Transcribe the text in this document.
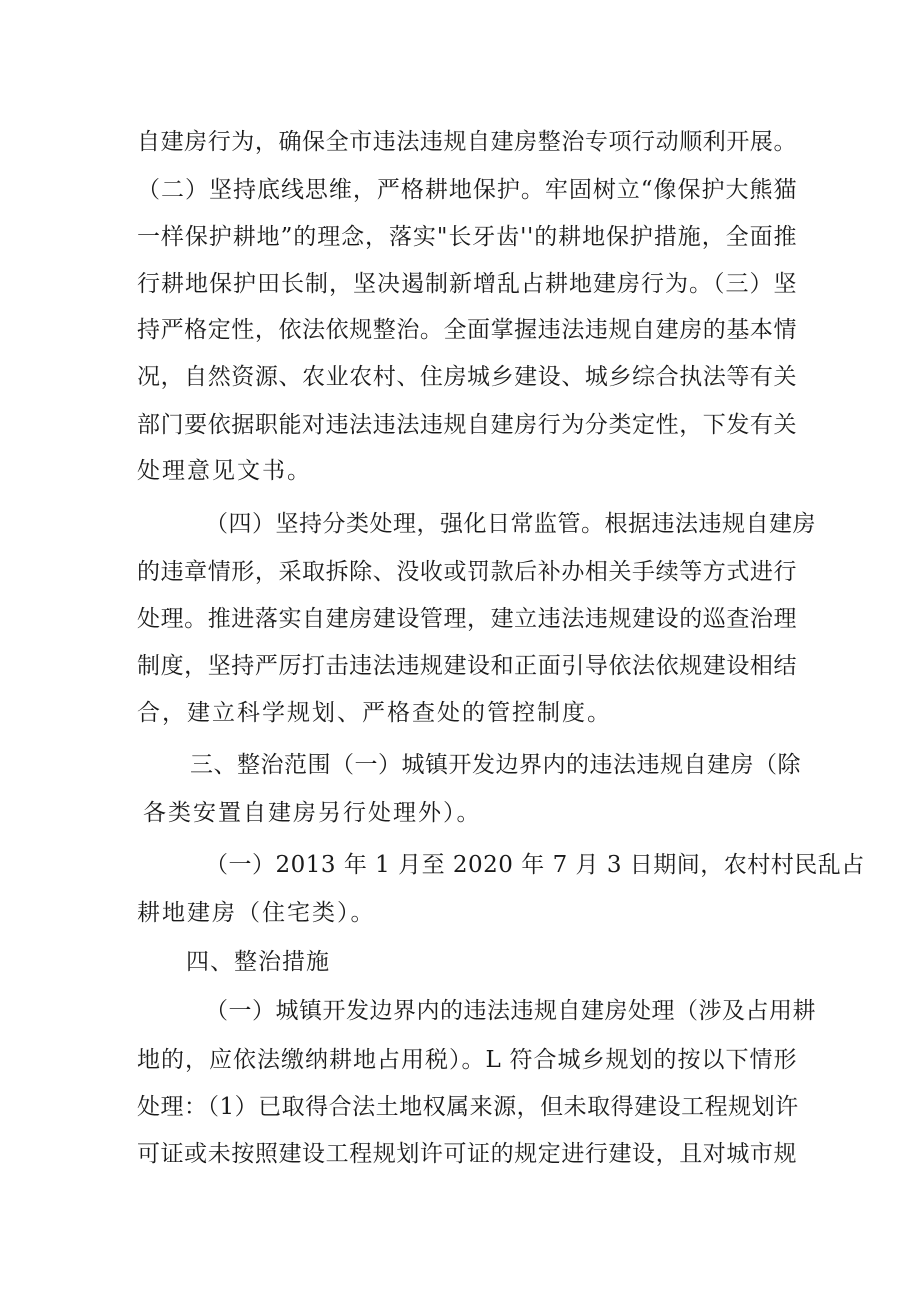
自建房行为，确保全市违法违规自建房整治专项行动顺利开展。
（二）坚持底线思维，严格耕地保护。牢固树立“像保护大熊猫
一样保护耕地”的理念，落实"长牙齿''的耕地保护措施，全面推
行耕地保护田长制，坚决遏制新增乱占耕地建房行为。（三）坚
持严格定性，依法依规整治。全面掌握违法违规自建房的基本情
况，自然资源、农业农村、住房城乡建设、城乡综合执法等有关
部门要依据职能对违法违法违规自建房行为分类定性，下发有关
处理意见文书。
（四）坚持分类处理，强化日常监管。根据违法违规自建房
的违章情形，采取拆除、没收或罚款后补办相关手续等方式进行
处理。推进落实自建房建设管理，建立违法违规建设的巡查治理
制度，坚持严厉打击违法违规建设和正面引导依法依规建设相结
合，建立科学规划、严格查处的管控制度。
三、整治范围（一）城镇开发边界内的违法违规自建房（除
各类安置自建房另行处理外）。
（一）2013 年 1 月至 2020 年 7 月 3 日期间，农村村民乱占
耕地建房（住宅类）。
四、整治措施
（一）城镇开发边界内的违法违规自建房处理（涉及占用耕
地的，应依法缴纳耕地占用税）。L 符合城乡规划的按以下情形
处理：（1）已取得合法土地权属来源，但未取得建设工程规划许
可证或未按照建设工程规划许可证的规定进行建设，且对城市规
